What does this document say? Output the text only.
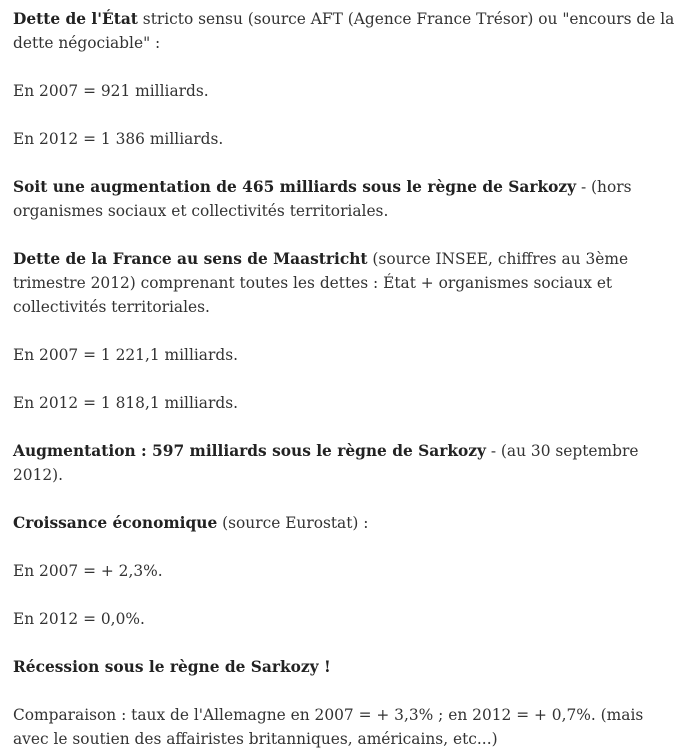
Dette de l'État stricto sensu (source AFT (Agence France Trésor) ou "encours de la dette négociable" :

En 2007 = 921 milliards.

En 2012 = 1 386 milliards.

Soit une augmentation de 465 milliards sous le règne de Sarkozy - (hors organismes sociaux et collectivités territoriales.

Dette de la France au sens de Maastricht (source INSEE, chiffres au 3ème trimestre 2012) comprenant toutes les dettes : État + organismes sociaux et collectivités territoriales.

En 2007 = 1 221,1 milliards.

En 2012 = 1 818,1 milliards.

Augmentation : 597 milliards sous le règne de Sarkozy - (au 30 septembre 2012).

Croissance économique (source Eurostat) :

En 2007 = + 2,3%.

En 2012 = 0,0%.

Récession sous le règne de Sarkozy !

Comparaison : taux de l'Allemagne en 2007 = + 3,3% ; en 2012 = + 0,7%. (mais avec le soutien des affairistes britanniques, américains, etc...)
